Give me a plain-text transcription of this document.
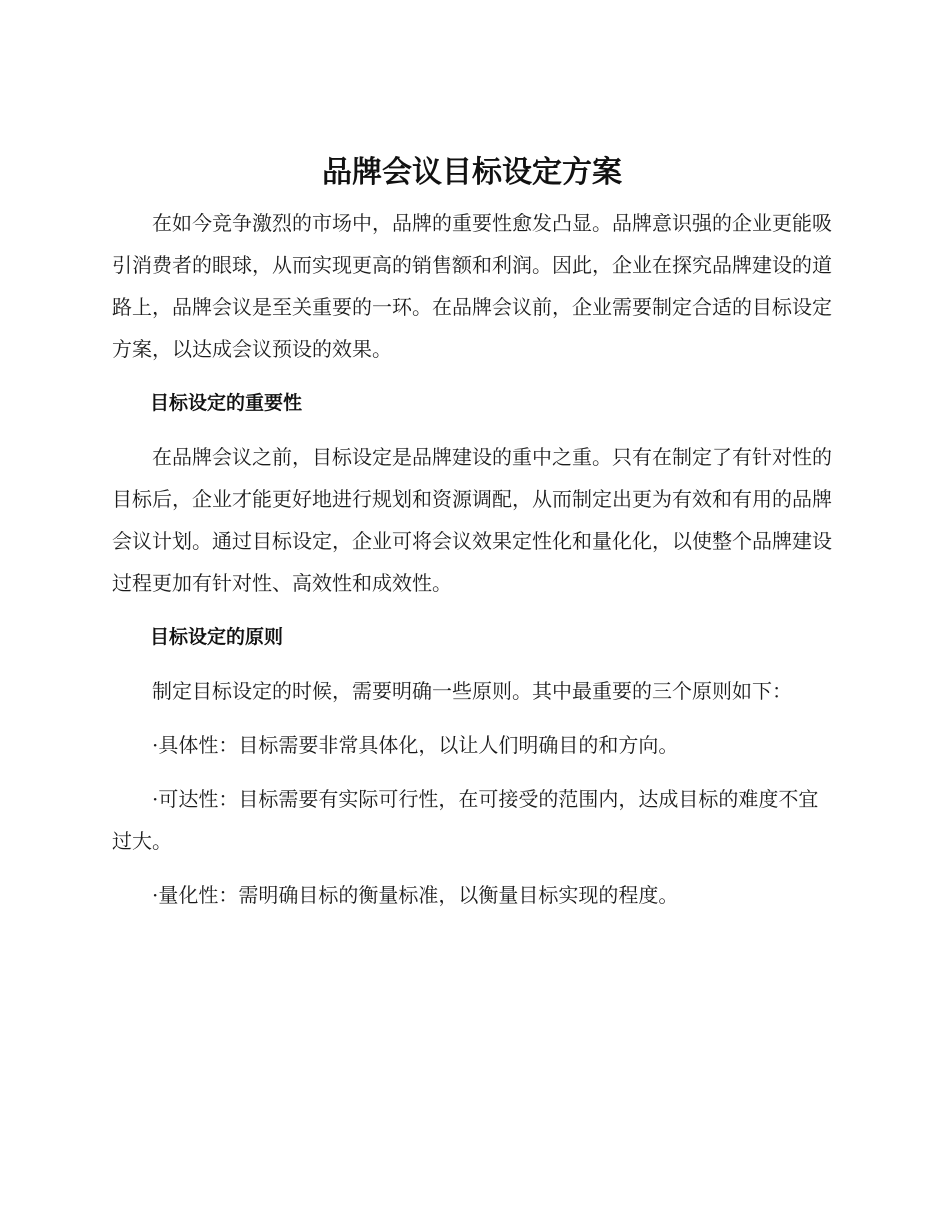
品牌会议目标设定方案

在如今竞争激烈的市场中，品牌的重要性愈发凸显。品牌意识强的企业更能吸引消费者的眼球，从而实现更高的销售额和利润。因此，企业在探究品牌建设的道路上，品牌会议是至关重要的一环。在品牌会议前，企业需要制定合适的目标设定方案，以达成会议预设的效果。

目标设定的重要性

在品牌会议之前，目标设定是品牌建设的重中之重。只有在制定了有针对性的目标后，企业才能更好地进行规划和资源调配，从而制定出更为有效和有用的品牌会议计划。通过目标设定，企业可将会议效果定性化和量化化，以使整个品牌建设过程更加有针对性、高效性和成效性。

目标设定的原则

制定目标设定的时候，需要明确一些原则。其中最重要的三个原则如下：

·具体性：目标需要非常具体化，以让人们明确目的和方向。

·可达性：目标需要有实际可行性，在可接受的范围内，达成目标的难度不宜过大。

·量化性：需明确目标的衡量标准，以衡量目标实现的程度。
